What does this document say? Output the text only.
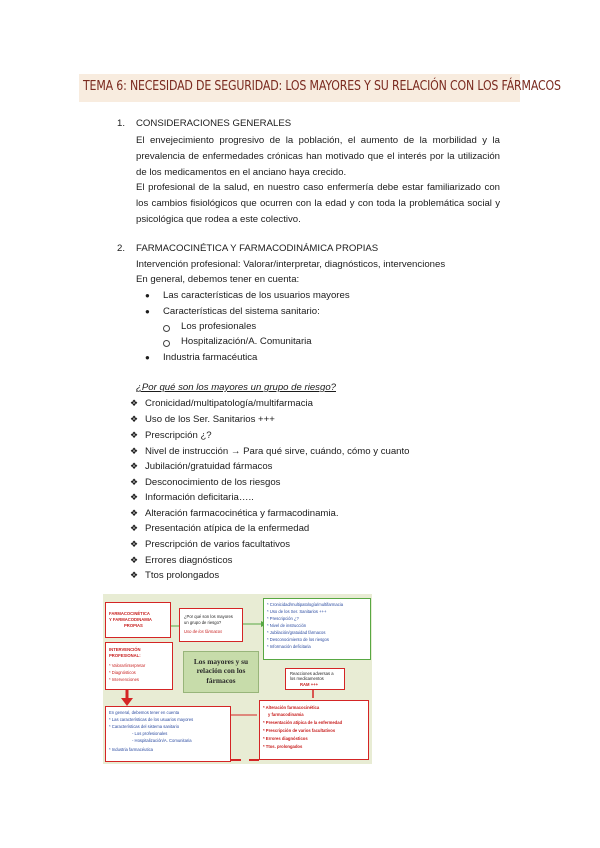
TEMA 6: NECESIDAD DE SEGURIDAD: LOS MAYORES Y SU RELACIÓN CON LOS FÁRMACOS
1. CONSIDERACIONES GENERALES
El envejecimiento progresivo de la población, el aumento de la morbilidad y la prevalencia de enfermedades crónicas han motivado que el interés por la utilización de los medicamentos en el anciano haya crecido.
El profesional de la salud, en nuestro caso enfermería debe estar familiarizado con los cambios fisiológicos que ocurren con la edad y con toda la problemática social y psicológica que rodea a este colectivo.
2. FARMACOCINÉTICA Y FARMACODINÁMICA PROPIAS
Intervención profesional: Valorar/interpretar, diagnósticos, intervenciones
En general, debemos tener en cuenta:
● Las características de los usuarios mayores
● Características del sistema sanitario:
Los profesionales
Hospitalización/A. Comunitaria
● Industria farmacéutica
¿Por qué son los mayores un grupo de riesgo?
❖ Cronicidad/multipatología/multifarmacia
❖ Uso de los Ser. Sanitarios +++
❖ Prescripción ¿?
❖ Nivel de instrucción → Para qué sirve, cuándo, cómo y cuanto
❖ Jubilación/gratuidad fármacos
❖ Desconocimiento de los riesgos
❖ Información deficitaria…..
❖ Alteración farmacocinética y farmacodinamia.
❖ Presentación atípica de la enfermedad
❖ Prescripción de varios facultativos
❖ Errores diagnósticos
❖ Ttos prolongados
FARMACOCINÉTICA
Y FARMACODINAMIA
PROPIAS
¿Por qué son los mayores
un grupo de riesgo?
Uso de los fármacos
* Cronicidad/multipatología/multifarmacia
* Uso de los Ser. Sanitarios +++
* Prescripción ¿?
* Nivel de instrucción
* Jubilación/gratuidad fármacos
* Desconocimiento de los riesgos
* Información deficitaria
INTERVENCIÓN
PROFESIONAL:
* Valorar/interpretar
* Diagnósticos
* Intervenciones
Los mayores y su relación con los fármacos
Reacciones adversas a
los medicamentos
RAM +++
En general, debemos tener en cuenta
* Las características de los usuarios mayores
* Características del sistema sanitario
- Los profesionales
- Hospitalización/A. Comunitaria
* Industria farmacéutica
* Alteración farmacocinética
y farmacodinamia
* Presentación atípica de la enfermedad
* Prescripción de varios facultativos
* Errores diagnósticos
* Ttos. prolongados
